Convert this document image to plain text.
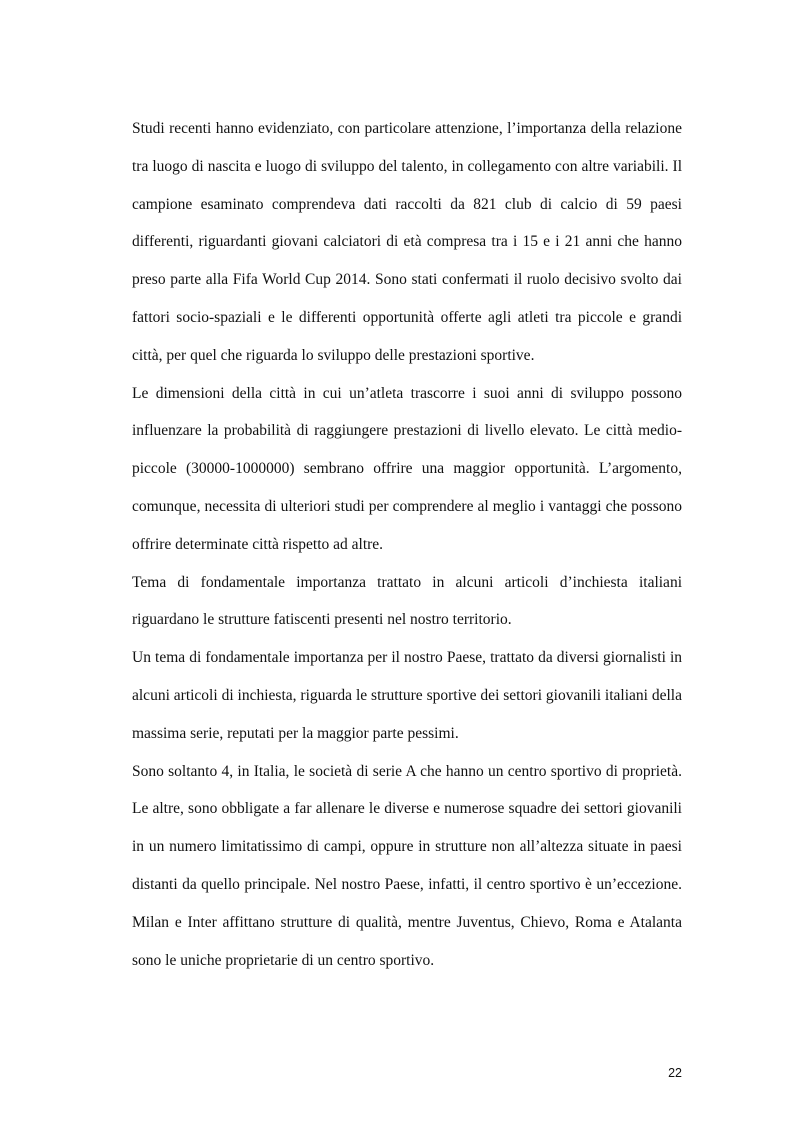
Studi recenti hanno evidenziato, con particolare attenzione, l’importanza della relazione tra luogo di nascita e luogo di sviluppo del talento, in collegamento con altre variabili. Il campione esaminato comprendeva dati raccolti da 821 club di calcio di 59 paesi differenti, riguardanti giovani calciatori di età compresa tra i 15 e i 21 anni che hanno preso parte alla Fifa World Cup 2014. Sono stati confermati il ruolo decisivo svolto dai fattori socio-spaziali e le differenti opportunità offerte agli atleti tra piccole e grandi città, per quel che riguarda lo sviluppo delle prestazioni sportive.

Le dimensioni della città in cui un’atleta trascorre i suoi anni di sviluppo possono influenzare la probabilità di raggiungere prestazioni di livello elevato. Le città medio-piccole (30000-1000000) sembrano offrire una maggior opportunità. L’argomento, comunque, necessita di ulteriori studi per comprendere al meglio i vantaggi che possono offrire determinate città rispetto ad altre.

Tema di fondamentale importanza trattato in alcuni articoli d’inchiesta italiani riguardano le strutture fatiscenti presenti nel nostro territorio.

Un tema di fondamentale importanza per il nostro Paese, trattato da diversi giornalisti in alcuni articoli di inchiesta, riguarda le strutture sportive dei settori giovanili italiani della massima serie, reputati per la maggior parte pessimi.

Sono soltanto 4, in Italia, le società di serie A che hanno un centro sportivo di proprietà. Le altre, sono obbligate a far allenare le diverse e numerose squadre dei settori giovanili in un numero limitatissimo di campi, oppure in strutture non all’altezza situate in paesi distanti da quello principale. Nel nostro Paese, infatti, il centro sportivo è un’eccezione. Milan e Inter affittano strutture di qualità, mentre Juventus, Chievo, Roma e Atalanta sono le uniche proprietarie di un centro sportivo.

22
